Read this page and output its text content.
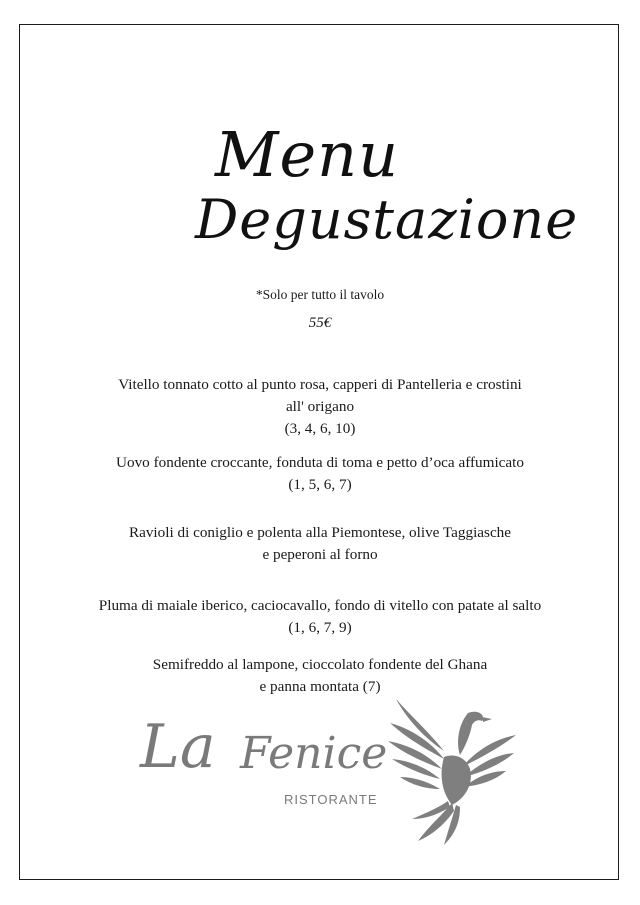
Menu
Degustazione
*Solo per tutto il tavolo
55€
Vitello tonnato cotto al punto rosa, capperi di Pantelleria e crostini
all' origano
(3, 4, 6, 10)
Uovo fondente croccante, fonduta di toma e petto d’oca affumicato
(1, 5, 6, 7)
Ravioli di coniglio e polenta alla Piemontese, olive Taggiasche
e peperoni al forno
Pluma di maiale iberico, caciocavallo, fondo di vitello con patate al salto
(1, 6, 7, 9)
Semifreddo al lampone, cioccolato fondente del Ghana
e panna montata (7)
La Fenice
RISTORANTE
